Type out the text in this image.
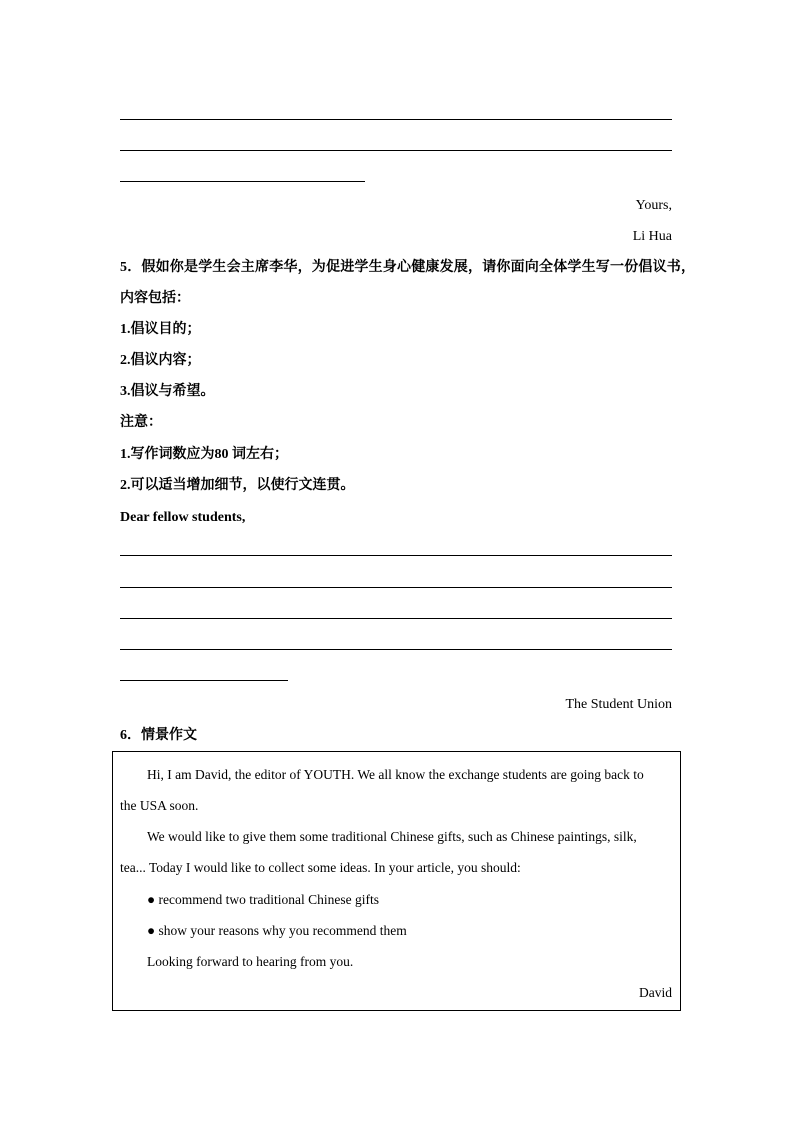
Yours,
Li Hua
5．假如你是学生会主席李华，为促进学生身心健康发展，请你面向全体学生写一份倡议书，
内容包括：
1.倡议目的；
2.倡议内容；
3.倡议与希望。
注意：
1.写作词数应为80 词左右；
2.可以适当增加细节，以使行文连贯。
Dear fellow students,
The Student Union
6．情景作文
Hi, I am David, the editor of YOUTH. We all know the exchange students are going back to
the USA soon.
We would like to give them some traditional Chinese gifts, such as Chinese paintings, silk,
tea... Today I would like to collect some ideas. In your article, you should:
● recommend two traditional Chinese gifts
● show your reasons why you recommend them
Looking forward to hearing from you.
David
